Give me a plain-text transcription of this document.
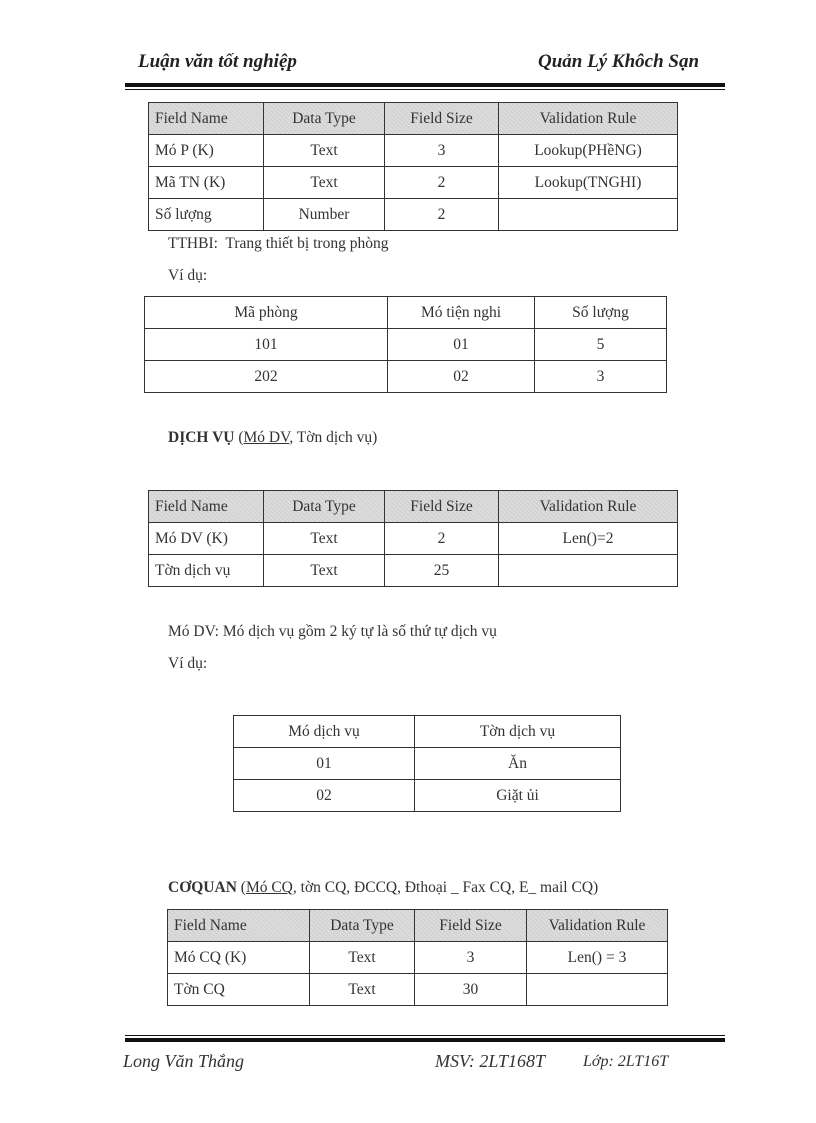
Luận văn tốt nghiệp	Quản Lý Khôch Sạn
Field Name	Data Type	Field Size	Validation Rule
Mó P (K)	Text	3	Lookup(PHềNG)
Mã TN (K)	Text	2	Lookup(TNGHI)
Số lượng	Number	2	
TTHBI: Trang thiết bị trong phòng
Ví dụ:
Mã phòng	Mó tiện nghi	Số lượng
101	01	5
202	02	3
DỊCH VỤ (Mó DV, Tờn dịch vụ)
Field Name	Data Type	Field Size	Validation Rule
Mó DV (K)	Text	2	Len()=2
Tờn dịch vụ	Text	25	
Mó DV: Mó dịch vụ gồm 2 ký tự là số thứ tự dịch vụ
Ví dụ:
Mó dịch vụ	Tờn dịch vụ
01	Ăn
02	Giặt ủi
CƠQUAN (Mó CQ, tờn CQ, ĐCCQ, Đthoại _ Fax CQ, E_ mail CQ)
Field Name	Data Type	Field Size	Validation Rule
Mó CQ (K)	Text	3	Len() = 3
Tờn CQ	Text	30	
Long Văn Thắng	MSV: 2LT168T Lớp: 2LT16T
